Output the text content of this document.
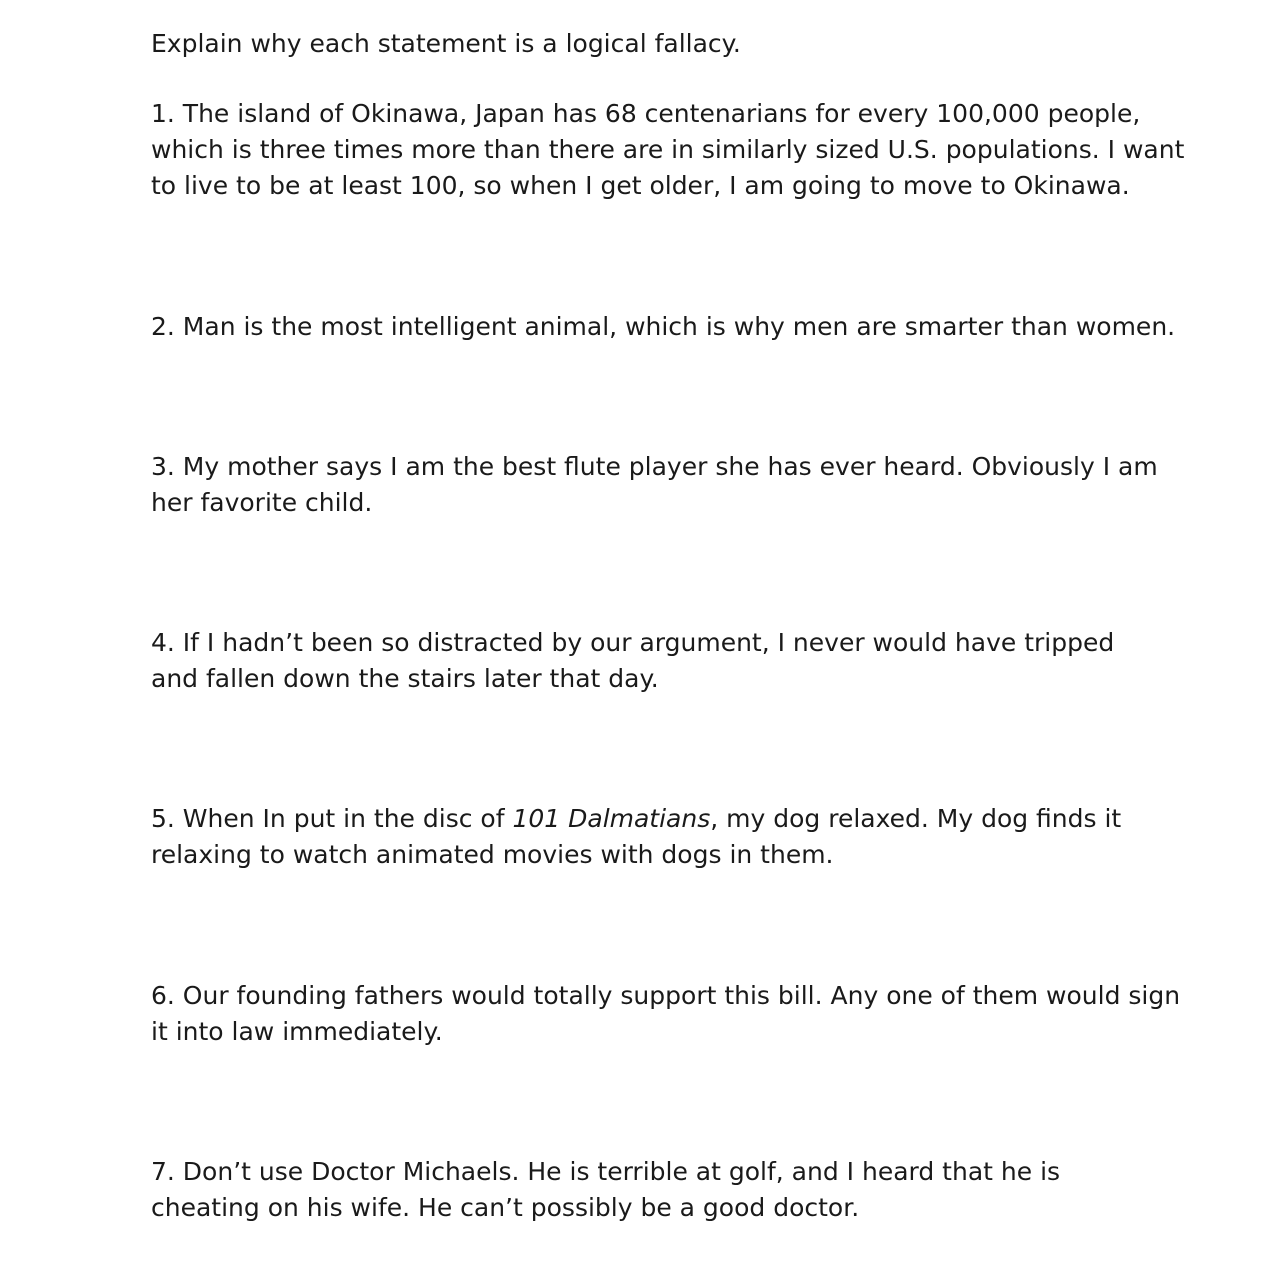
Explain why each statement is a logical fallacy.

1. The island of Okinawa, Japan has 68 centenarians for every 100,000 people,
which is three times more than there are in similarly sized U.S. populations. I want
to live to be at least 100, so when I get older, I am going to move to Okinawa.

2. Man is the most intelligent animal, which is why men are smarter than women.

3. My mother says I am the best flute player she has ever heard. Obviously I am
her favorite child.

4. If I hadn’t been so distracted by our argument, I never would have tripped
and fallen down the stairs later that day.

5. When In put in the disc of 101 Dalmatians, my dog relaxed. My dog finds it
relaxing to watch animated movies with dogs in them.

6. Our founding fathers would totally support this bill. Any one of them would sign
it into law immediately.

7. Don’t use Doctor Michaels. He is terrible at golf, and I heard that he is
cheating on his wife. He can’t possibly be a good doctor.
